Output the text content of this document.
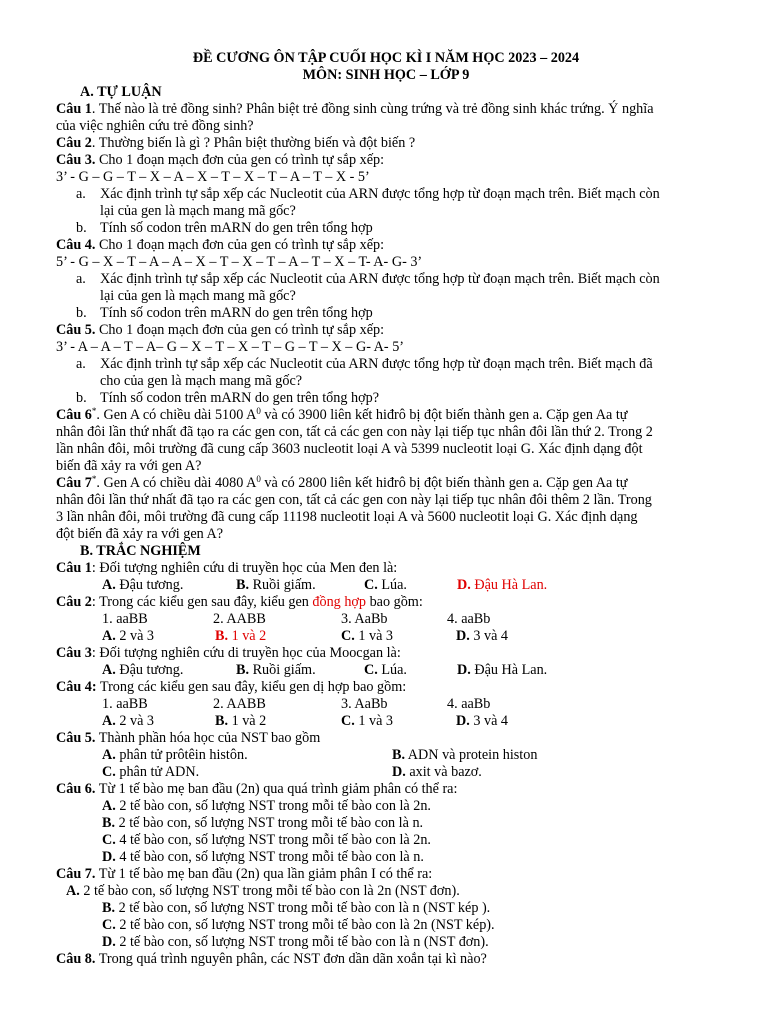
ĐỀ CƯƠNG ÔN TẬP CUỐI HỌC KÌ I NĂM HỌC 2023 – 2024
MÔN: SINH HỌC – LỚP 9
A. TỰ LUẬN
Câu 1. Thế nào là trẻ đồng sinh? Phân biệt trẻ đồng sinh cùng trứng và trẻ đồng sinh khác trứng. Ý nghĩa
của việc nghiên cứu trẻ đồng sinh?
Câu 2. Thường biến là gì ? Phân biệt thường biến và đột biến ?
Câu 3. Cho 1 đoạn mạch đơn của gen có trình tự sắp xếp:
3’ - G – G – T – X – A – X – T – X – T – A – T – X - 5’
a. Xác định trình tự sắp xếp các Nucleotit của ARN được tổng hợp từ đoạn mạch trên. Biết mạch còn
lại của gen là mạch mang mã gốc?
b. Tính số codon trên mARN do gen trên tổng hợp
Câu 4. Cho 1 đoạn mạch đơn của gen có trình tự sắp xếp:
5’ - G – X – T – A – A – X – T – X – T – A – T – X – T- A- G- 3’
a. Xác định trình tự sắp xếp các Nucleotit của ARN được tổng hợp từ đoạn mạch trên. Biết mạch còn
lại của gen là mạch mang mã gốc?
b. Tính số codon trên mARN do gen trên tổng hợp
Câu 5. Cho 1 đoạn mạch đơn của gen có trình tự sắp xếp:
3’ - A – A – T – A– G – X – T – X – T – G – T – X – G- A- 5’
a. Xác định trình tự sắp xếp các Nucleotit của ARN được tổng hợp từ đoạn mạch trên. Biết mạch đã
cho của gen là mạch mang mã gốc?
b. Tính số codon trên mARN do gen trên tổng hợp?
Câu 6*. Gen A có chiều dài 5100 $A^0$ và có 3900 liên kết hiđrô bị đột biến thành gen a. Cặp gen Aa tự
nhân đôi lần thứ nhất đã tạo ra các gen con, tất cả các gen con này lại tiếp tục nhân đôi lần thứ 2. Trong 2
lần nhân đôi, môi trường đã cung cấp 3603 nucleotit loại A và 5399 nucleotit loại G. Xác định dạng đột
biến đã xảy ra với gen A?
Câu 7*. Gen A có chiều dài 4080 $A^0$ và có 2800 liên kết hiđrô bị đột biến thành gen a. Cặp gen Aa tự
nhân đôi lần thứ nhất đã tạo ra các gen con, tất cả các gen con này lại tiếp tục nhân đôi thêm 2 lần. Trong
3 lần nhân đôi, môi trường đã cung cấp 11198 nucleotit loại A và 5600 nucleotit loại G. Xác định dạng
đột biến đã xảy ra với gen A?
B. TRẮC NGHIỆM
Câu 1: Đối tượng nghiên cứu di truyền học của Men đen là:
A. Đậu tương.	B. Ruồi giấm.	C. Lúa.	D. Đậu Hà Lan.
Câu 2: Trong các kiểu gen sau đây, kiểu gen đồng hợp bao gồm:
1. aaBB	2. AABB	3. AaBb	4. aaBb
A. 2 và 3	B. 1 và 2	C. 1 và 3	D. 3 và 4
Câu 3: Đối tượng nghiên cứu di truyền học của Moocgan là:
A. Đậu tương.	B. Ruồi giấm.	C. Lúa.	D. Đậu Hà Lan.
Câu 4: Trong các kiểu gen sau đây, kiểu gen dị hợp bao gồm:
1. aaBB	2. AABB	3. AaBb	4. aaBb
A. 2 và 3	B. 1 và 2	C. 1 và 3	D. 3 và 4
Câu 5. Thành phần hóa học của NST bao gồm
A. phân tử prôtêin histôn.	B. ADN và protein histon
C. phân tử ADN.	D. axit và bazơ.
Câu 6. Từ 1 tế bào mẹ ban đầu (2n) qua quá trình giảm phân có thể ra:
A. 2 tế bào con, số lượng NST trong mỗi tế bào con là 2n.
B. 2 tế bào con, số lượng NST trong mỗi tế bào con là n.
C. 4 tế bào con, số lượng NST trong mỗi tế bào con là 2n.
D. 4 tế bào con, số lượng NST trong mỗi tế bào con là n.
Câu 7. Từ 1 tế bào mẹ ban đầu (2n) qua lần giảm phân I có thể ra:
A. 2 tế bào con, số lượng NST trong mỗi tế bào con là 2n (NST đơn).
B. 2 tế bào con, số lượng NST trong mỗi tế bào con là n (NST kép ).
C. 2 tế bào con, số lượng NST trong mỗi tế bào con là 2n (NST kép).
D. 2 tế bào con, số lượng NST trong mỗi tế bào con là n (NST đơn).
Câu 8. Trong quá trình nguyên phân, các NST đơn dần dãn xoắn tại kì nào?
